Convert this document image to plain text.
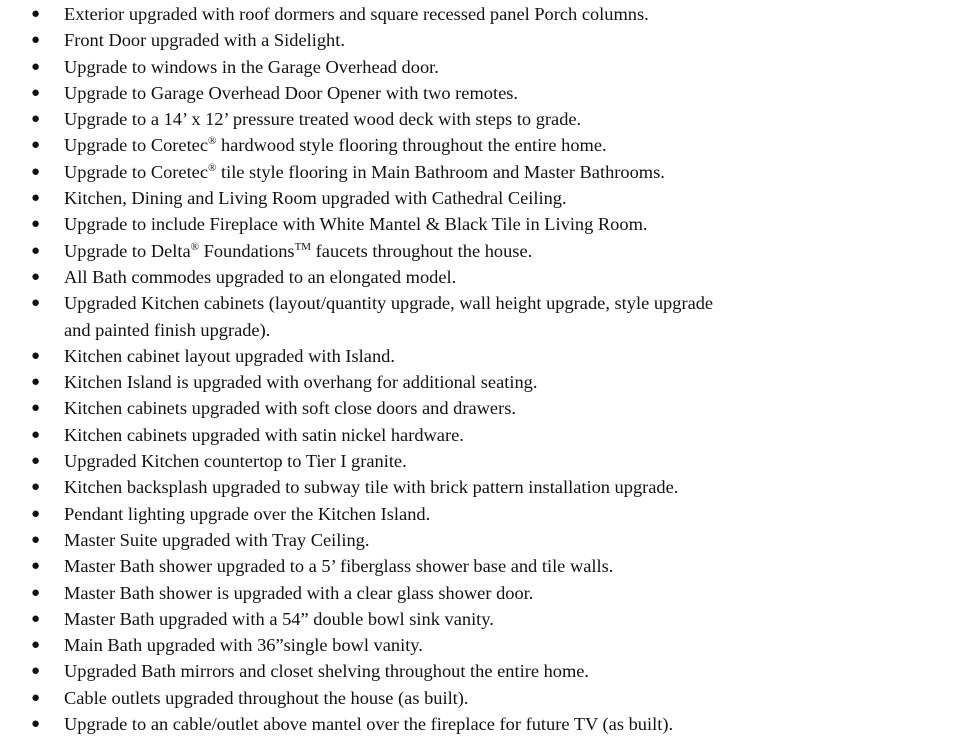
● Exterior upgraded with roof dormers and square recessed panel Porch columns.
● Front Door upgraded with a Sidelight.
● Upgrade to windows in the Garage Overhead door.
● Upgrade to Garage Overhead Door Opener with two remotes.
● Upgrade to a 14’ x 12’ pressure treated wood deck with steps to grade.
● Upgrade to Coretec® hardwood style flooring throughout the entire home.
● Upgrade to Coretec® tile style flooring in Main Bathroom and Master Bathrooms.
● Kitchen, Dining and Living Room upgraded with Cathedral Ceiling.
● Upgrade to include Fireplace with White Mantel & Black Tile in Living Room.
● Upgrade to Delta® Foundations™ faucets throughout the house.
● All Bath commodes upgraded to an elongated model.
● Upgraded Kitchen cabinets (layout/quantity upgrade, wall height upgrade, style upgrade
and painted finish upgrade).
● Kitchen cabinet layout upgraded with Island.
● Kitchen Island is upgraded with overhang for additional seating.
● Kitchen cabinets upgraded with soft close doors and drawers.
● Kitchen cabinets upgraded with satin nickel hardware.
● Upgraded Kitchen countertop to Tier I granite.
● Kitchen backsplash upgraded to subway tile with brick pattern installation upgrade.
● Pendant lighting upgrade over the Kitchen Island.
● Master Suite upgraded with Tray Ceiling.
● Master Bath shower upgraded to a 5’ fiberglass shower base and tile walls.
● Master Bath shower is upgraded with a clear glass shower door.
● Master Bath upgraded with a 54” double bowl sink vanity.
● Main Bath upgraded with 36”single bowl vanity.
● Upgraded Bath mirrors and closet shelving throughout the entire home.
● Cable outlets upgraded throughout the house (as built).
● Upgrade to an cable/outlet above mantel over the fireplace for future TV (as built).
